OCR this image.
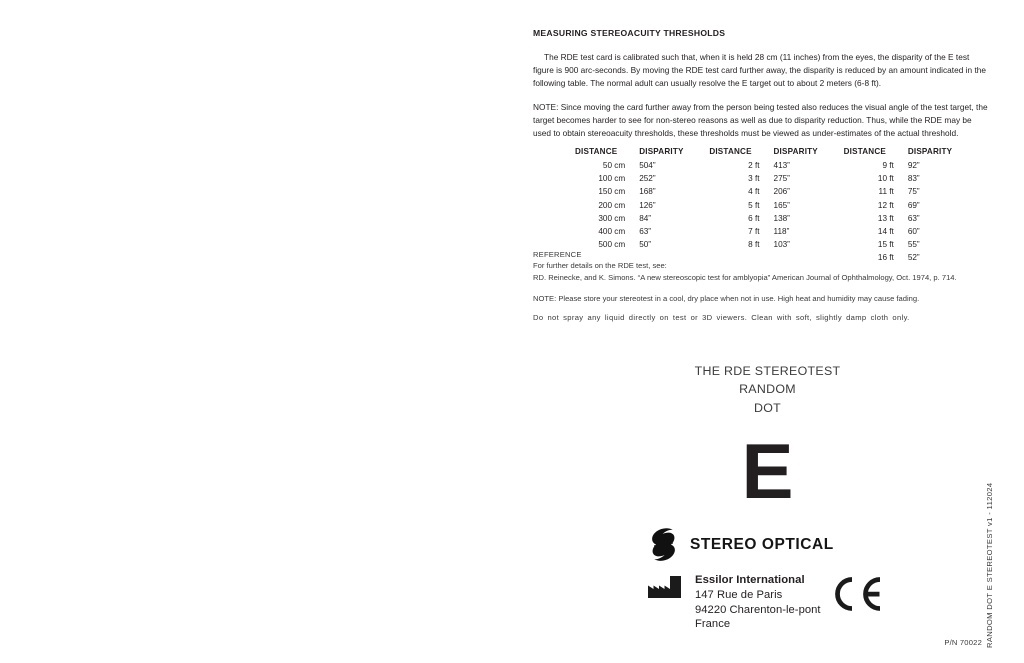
MEASURING STEREOACUITY THRESHOLDS

The RDE test card is calibrated such that, when it is held 28 cm (11 inches) from the eyes, the disparity of the E test figure is 900 arc-seconds. By moving the RDE test card further away, the disparity is reduced by an amount indicated in the following table. The normal adult can usually resolve the E target out to about 2 meters (6-8 ft).

NOTE: Since moving the card further away from the person being tested also reduces the visual angle of the test target, the target becomes harder to see for non-stereo reasons as well as due to disparity reduction. Thus, while the RDE may be used to obtain stereoacuity thresholds, these thresholds must be viewed as under-estimates of the actual threshold.

DISTANCE	DISPARITY		DISTANCE	DISPARITY		DISTANCE	DISPARITY
50 cm	504”		2 ft	413”		9 ft	92”
100 cm	252”		3 ft	275”		10 ft	83”
150 cm	168”		4 ft	206”		11 ft	75”
200 cm	126”		5 ft	165”		12 ft	69”
300 cm	84”		6 ft	138”		13 ft	63”
400 cm	63”		7 ft	118”		14 ft	60”
500 cm	50”		8 ft	103”		15 ft	55”
						16 ft	52”

REFERENCE

For further details on the RDE test, see:

RD. Reinecke, and K. Simons. “A new stereoscopic test for amblyopia” American Journal of Ophthalmology, Oct. 1974, p. 714.

NOTE: Please store your stereotest in a cool, dry place when not in use. High heat and humidity may cause fading.

Do not spray any liquid directly on test or 3D viewers. Clean with soft, slightly damp cloth only.

THE RDE STEREOTEST
RANDOM
DOT
E
STEREO OPTICAL
Essilor International
147 Rue de Paris
94220 Charenton-le-pont
France	RANDOM DOT E STEREOTEST v1 - 112024
P/N 70022
